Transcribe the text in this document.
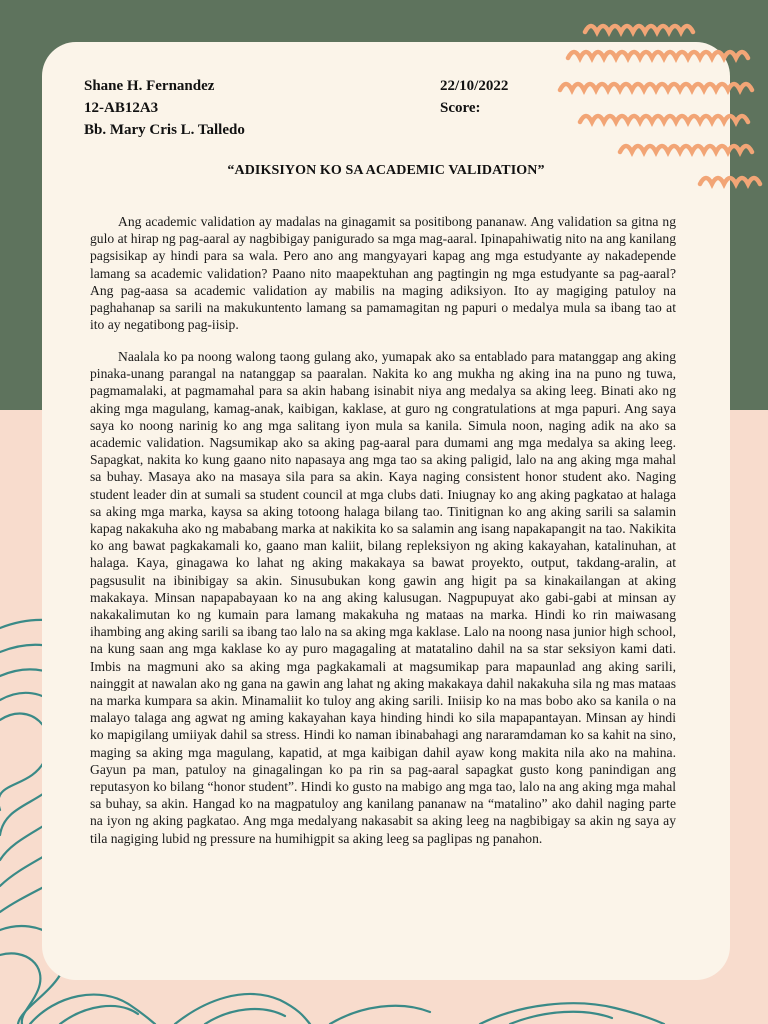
Shane H. Fernandez
12-AB12A3
Bb. Mary Cris L. Talledo
22/10/2022
Score:
“ADIKSIYON KO SA ACADEMIC VALIDATION”

Ang academic validation ay madalas na ginagamit sa positibong pananaw. Ang validation sa gitna ng gulo at hirap ng pag-aaral ay nagbibigay panigurado sa mga mag-aaral. Ipinapahiwatig nito na ang kanilang pagsisikap ay hindi para sa wala. Pero ano ang mangyayari kapag ang mga estudyante ay nakadepende lamang sa academic validation? Paano nito maapektuhan ang pagtingin ng mga estudyante sa pag-aaral? Ang pag-aasa sa academic validation ay mabilis na maging adiksiyon. Ito ay magiging patuloy na paghahanap sa sarili na makukuntento lamang sa pamamagitan ng papuri o medalya mula sa ibang tao at ito ay negatibong pag-iisip.

Naalala ko pa noong walong taong gulang ako, yumapak ako sa entablado para matanggap ang aking pinaka-unang parangal na natanggap sa paaralan. Nakita ko ang mukha ng aking ina na puno ng tuwa, pagmamalaki, at pagmamahal para sa akin habang isinabit niya ang medalya sa aking leeg. Binati ako ng aking mga magulang, kamag-anak, kaibigan, kaklase, at guro ng congratulations at mga papuri. Ang saya saya ko noong narinig ko ang mga salitang iyon mula sa kanila. Simula noon, naging adik na ako sa academic validation. Nagsumikap ako sa aking pag-aaral para dumami ang mga medalya sa aking leeg. Sapagkat, nakita ko kung gaano nito napasaya ang mga tao sa aking paligid, lalo na ang aking mga mahal sa buhay. Masaya ako na masaya sila para sa akin. Kaya naging consistent honor student ako. Naging student leader din at sumali sa student council at mga clubs dati. Iniugnay ko ang aking pagkatao at halaga sa aking mga marka, kaysa sa aking totoong halaga bilang tao. Tinitignan ko ang aking sarili sa salamin kapag nakakuha ako ng mababang marka at nakikita ko sa salamin ang isang napakapangit na tao. Nakikita ko ang bawat pagkakamali ko, gaano man kaliit, bilang repleksiyon ng aking kakayahan, katalinuhan, at halaga. Kaya, ginagawa ko lahat ng aking makakaya sa bawat proyekto, output, takdang-aralin, at pagsusulit na ibinibigay sa akin. Sinusubukan kong gawin ang higit pa sa kinakailangan at aking makakaya. Minsan napapabayaan ko na ang aking kalusugan. Nagpupuyat ako gabi-gabi at minsan ay nakakalimutan ko ng kumain para lamang makakuha ng mataas na marka. Hindi ko rin maiwasang ihambing ang aking sarili sa ibang tao lalo na sa aking mga kaklase. Lalo na noong nasa junior high school, na kung saan ang mga kaklase ko ay puro magagaling at matatalino dahil na sa star seksiyon kami dati. Imbis na magmuni ako sa aking mga pagkakamali at magsumikap para mapaunlad ang aking sarili, nainggit at nawalan ako ng gana na gawin ang lahat ng aking makakaya dahil nakakuha sila ng mas mataas na marka kumpara sa akin. Minamaliit ko tuloy ang aking sarili. Iniisip ko na mas bobo ako sa kanila o na malayo talaga ang agwat ng aming kakayahan kaya hinding hindi ko sila mapapantayan. Minsan ay hindi ko mapigilang umiiyak dahil sa stress. Hindi ko naman ibinabahagi ang nararamdaman ko sa kahit na sino, maging sa aking mga magulang, kapatid, at mga kaibigan dahil ayaw kong makita nila ako na mahina. Gayun pa man, patuloy na ginagalingan ko pa rin sa pag-aaral sapagkat gusto kong panindigan ang reputasyon ko bilang “honor student”. Hindi ko gusto na mabigo ang mga tao, lalo na ang aking mga mahal sa buhay, sa akin. Hangad ko na magpatuloy ang kanilang pananaw na “matalino” ako dahil naging parte na iyon ng aking pagkatao. Ang mga medalyang nakasabit sa aking leeg na nagbibigay sa akin ng saya ay tila nagiging lubid ng pressure na humihigpit sa aking leeg sa paglipas ng panahon.
